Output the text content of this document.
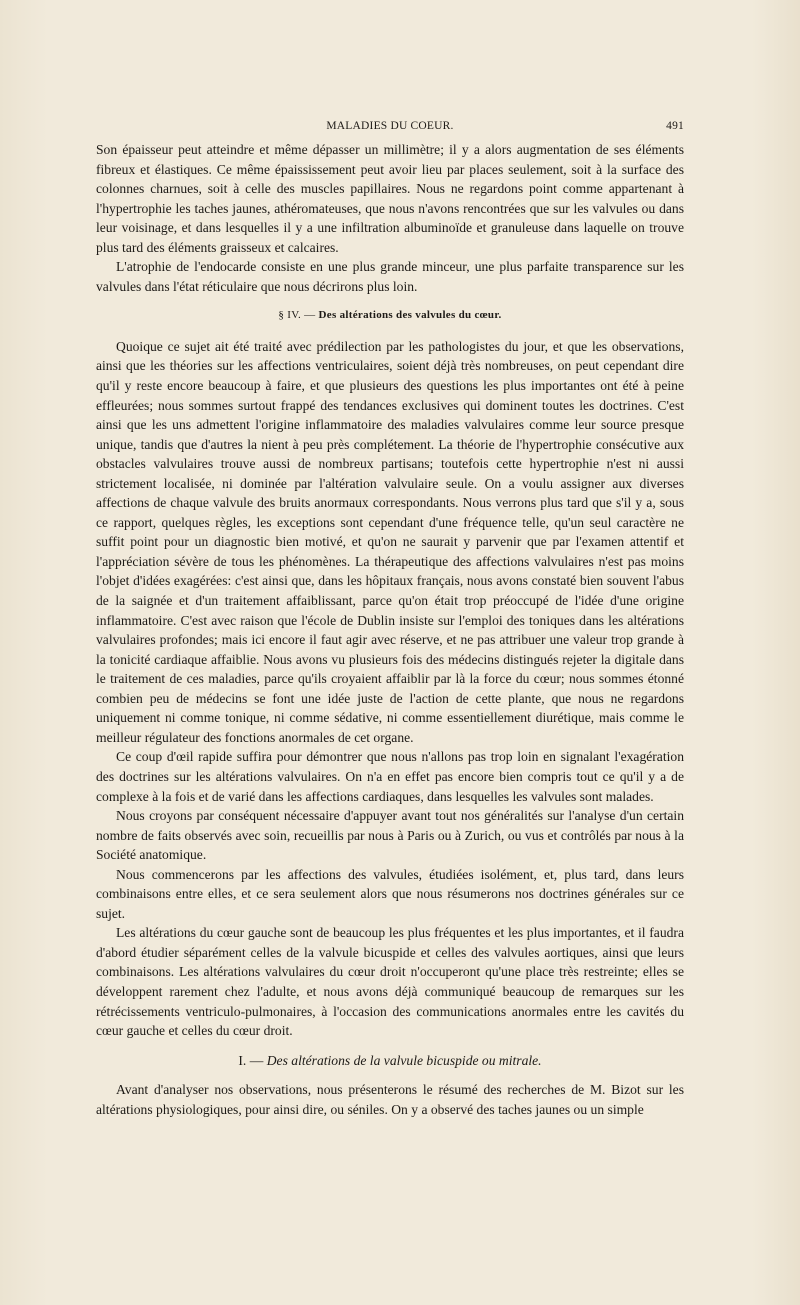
MALADIES DU COEUR.	491

Son épaisseur peut atteindre et même dépasser un millimètre; il y a alors augmentation de ses éléments fibreux et élastiques. Ce même épaississement peut avoir lieu par places seulement, soit à la surface des colonnes charnues, soit à celle des muscles papillaires. Nous ne regardons point comme appartenant à l'hypertrophie les taches jaunes, athéromateuses, que nous n'avons rencontrées que sur les valvules ou dans leur voisinage, et dans lesquelles il y a une infiltration albuminoïde et granuleuse dans laquelle on trouve plus tard des éléments graisseux et calcaires.

L'atrophie de l'endocarde consiste en une plus grande minceur, une plus parfaite transparence sur les valvules dans l'état réticulaire que nous décrirons plus loin.

§ IV. — Des altérations des valvules du cœur.

Quoique ce sujet ait été traité avec prédilection par les pathologistes du jour, et que les observations, ainsi que les théories sur les affections ventriculaires, soient déjà très nombreuses, on peut cependant dire qu'il y reste encore beaucoup à faire, et que plusieurs des questions les plus importantes ont été à peine effleurées; nous sommes surtout frappé des tendances exclusives qui dominent toutes les doctrines. C'est ainsi que les uns admettent l'origine inflammatoire des maladies valvulaires comme leur source presque unique, tandis que d'autres la nient à peu près complétement. La théorie de l'hypertrophie consécutive aux obstacles valvulaires trouve aussi de nombreux partisans; toutefois cette hypertrophie n'est ni aussi strictement localisée, ni dominée par l'altération valvulaire seule. On a voulu assigner aux diverses affections de chaque valvule des bruits anormaux correspondants. Nous verrons plus tard que s'il y a, sous ce rapport, quelques règles, les exceptions sont cependant d'une fréquence telle, qu'un seul caractère ne suffit point pour un diagnostic bien motivé, et qu'on ne saurait y parvenir que par l'examen attentif et l'appréciation sévère de tous les phénomènes. La thérapeutique des affections valvulaires n'est pas moins l'objet d'idées exagérées: c'est ainsi que, dans les hôpitaux français, nous avons constaté bien souvent l'abus de la saignée et d'un traitement affaiblissant, parce qu'on était trop préoccupé de l'idée d'une origine inflammatoire. C'est avec raison que l'école de Dublin insiste sur l'emploi des toniques dans les altérations valvulaires profondes; mais ici encore il faut agir avec réserve, et ne pas attribuer une valeur trop grande à la tonicité cardiaque affaiblie. Nous avons vu plusieurs fois des médecins distingués rejeter la digitale dans le traitement de ces maladies, parce qu'ils croyaient affaiblir par là la force du cœur; nous sommes étonné combien peu de médecins se font une idée juste de l'action de cette plante, que nous ne regardons uniquement ni comme tonique, ni comme sédative, ni comme essentiellement diurétique, mais comme le meilleur régulateur des fonctions anormales de cet organe.

Ce coup d'œil rapide suffira pour démontrer que nous n'allons pas trop loin en signalant l'exagération des doctrines sur les altérations valvulaires. On n'a en effet pas encore bien compris tout ce qu'il y a de complexe à la fois et de varié dans les affections cardiaques, dans lesquelles les valvules sont malades.

Nous croyons par conséquent nécessaire d'appuyer avant tout nos généralités sur l'analyse d'un certain nombre de faits observés avec soin, recueillis par nous à Paris ou à Zurich, ou vus et contrôlés par nous à la Société anatomique.

Nous commencerons par les affections des valvules, étudiées isolément, et, plus tard, dans leurs combinaisons entre elles, et ce sera seulement alors que nous résumerons nos doctrines générales sur ce sujet.

Les altérations du cœur gauche sont de beaucoup les plus fréquentes et les plus importantes, et il faudra d'abord étudier séparément celles de la valvule bicuspide et celles des valvules aortiques, ainsi que leurs combinaisons. Les altérations valvulaires du cœur droit n'occuperont qu'une place très restreinte; elles se développent rarement chez l'adulte, et nous avons déjà communiqué beaucoup de remarques sur les rétrécissements ventriculo-pulmonaires, à l'occasion des communications anormales entre les cavités du cœur gauche et celles du cœur droit.

I. — Des altérations de la valvule bicuspide ou mitrale.

Avant d'analyser nos observations, nous présenterons le résumé des recherches de M. Bizot sur les altérations physiologiques, pour ainsi dire, ou séniles. On y a observé des taches jaunes ou un simple
